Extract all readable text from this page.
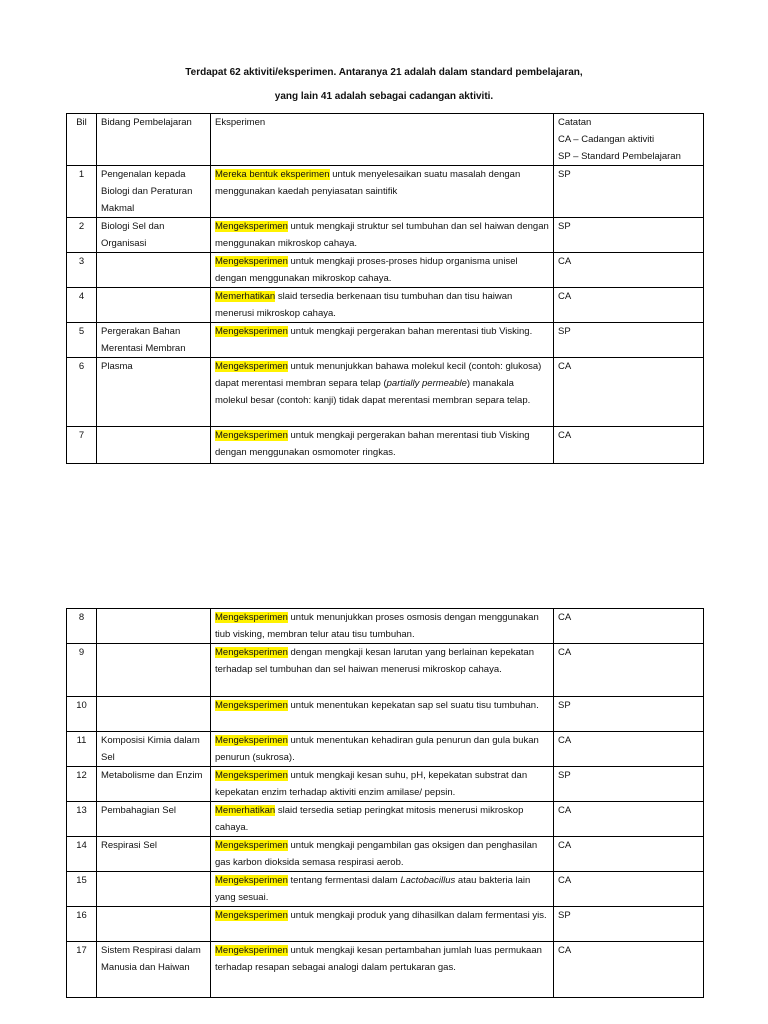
Terdapat 62 aktiviti/eksperimen. Antaranya 21 adalah dalam standard pembelajaran,
yang lain 41 adalah sebagai cadangan aktiviti.
Bil	Bidang Pembelajaran	Eksperimen	Catatan
CA – Cadangan aktiviti
SP – Standard Pembelajaran

1	Pengenalan kepada Biologi dan Peraturan Makmal	Mereka bentuk eksperimen untuk menyelesaikan suatu masalah dengan menggunakan kaedah penyiasatan saintifik	SP
2	Biologi Sel dan Organisasi	Mengeksperimen untuk mengkaji struktur sel tumbuhan dan sel haiwan dengan menggunakan mikroskop cahaya.	SP
3		Mengeksperimen untuk mengkaji proses-proses hidup organisma unisel dengan menggunakan mikroskop cahaya.	CA
4		Memerhatikan slaid tersedia berkenaan tisu tumbuhan dan tisu haiwan menerusi mikroskop cahaya.	CA
5	Pergerakan Bahan Merentasi Membran	Mengeksperimen untuk mengkaji pergerakan bahan merentasi tiub Visking.	SP
6	Plasma	Mengeksperimen untuk menunjukkan bahawa molekul kecil (contoh: glukosa) dapat merentasi membran separa telap (partially permeable) manakala molekul besar (contoh: kanji) tidak dapat merentasi membran separa telap.	CA
7		Mengeksperimen untuk mengkaji pergerakan bahan merentasi tiub Visking dengan menggunakan osmomoter ringkas.	CA
8		Mengeksperimen untuk menunjukkan proses osmosis dengan menggunakan tiub visking, membran telur atau tisu tumbuhan.	CA
9		Mengeksperimen dengan mengkaji kesan larutan yang berlainan kepekatan terhadap sel tumbuhan dan sel haiwan menerusi mikroskop cahaya.	CA
10		Mengeksperimen untuk menentukan kepekatan sap sel suatu tisu tumbuhan.	SP
11	Komposisi Kimia dalam Sel	Mengeksperimen untuk menentukan kehadiran gula penurun dan gula bukan penurun (sukrosa).	CA
12	Metabolisme dan Enzim	Mengeksperimen untuk mengkaji kesan suhu, pH, kepekatan substrat dan kepekatan enzim terhadap aktiviti enzim amilase/ pepsin.	SP
13	Pembahagian Sel	Memerhatikan slaid tersedia setiap peringkat mitosis menerusi mikroskop cahaya.	CA
14	Respirasi Sel	Mengeksperimen untuk mengkaji pengambilan gas oksigen dan penghasilan gas karbon dioksida semasa respirasi aerob.	CA
15		Mengeksperimen tentang fermentasi dalam Lactobacillus atau bakteria lain yang sesuai.	CA
16		Mengeksperimen untuk mengkaji produk yang dihasilkan dalam fermentasi yis.	SP
17	Sistem Respirasi dalam Manusia dan Haiwan	Mengeksperimen untuk mengkaji kesan pertambahan jumlah luas permukaan terhadap resapan sebagai analogi dalam pertukaran gas.	CA
